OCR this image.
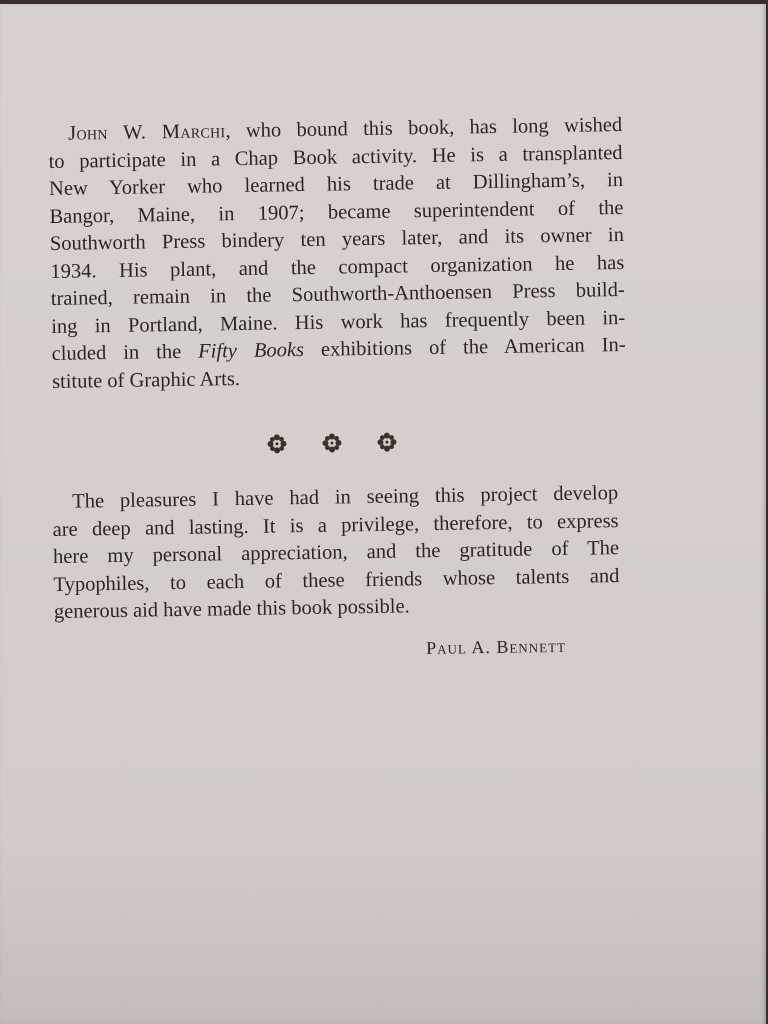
John W. Marchi, who bound this book, has long wished
to participate in a Chap Book activity. He is a transplanted
New Yorker who learned his trade at Dillingham’s, in
Bangor, Maine, in 1907; became superintendent of the
Southworth Press bindery ten years later, and its owner in
1934. His plant, and the compact organization he has
trained, remain in the Southworth-Anthoensen Press build-
ing in Portland, Maine. His work has frequently been in-
cluded in the Fifty Books exhibitions of the American In-
stitute of Graphic Arts.
The pleasures I have had in seeing this project develop
are deep and lasting. It is a privilege, therefore, to express
here my personal appreciation, and the gratitude of The
Typophiles, to each of these friends whose talents and
generous aid have made this book possible.
Paul A. Bennett
